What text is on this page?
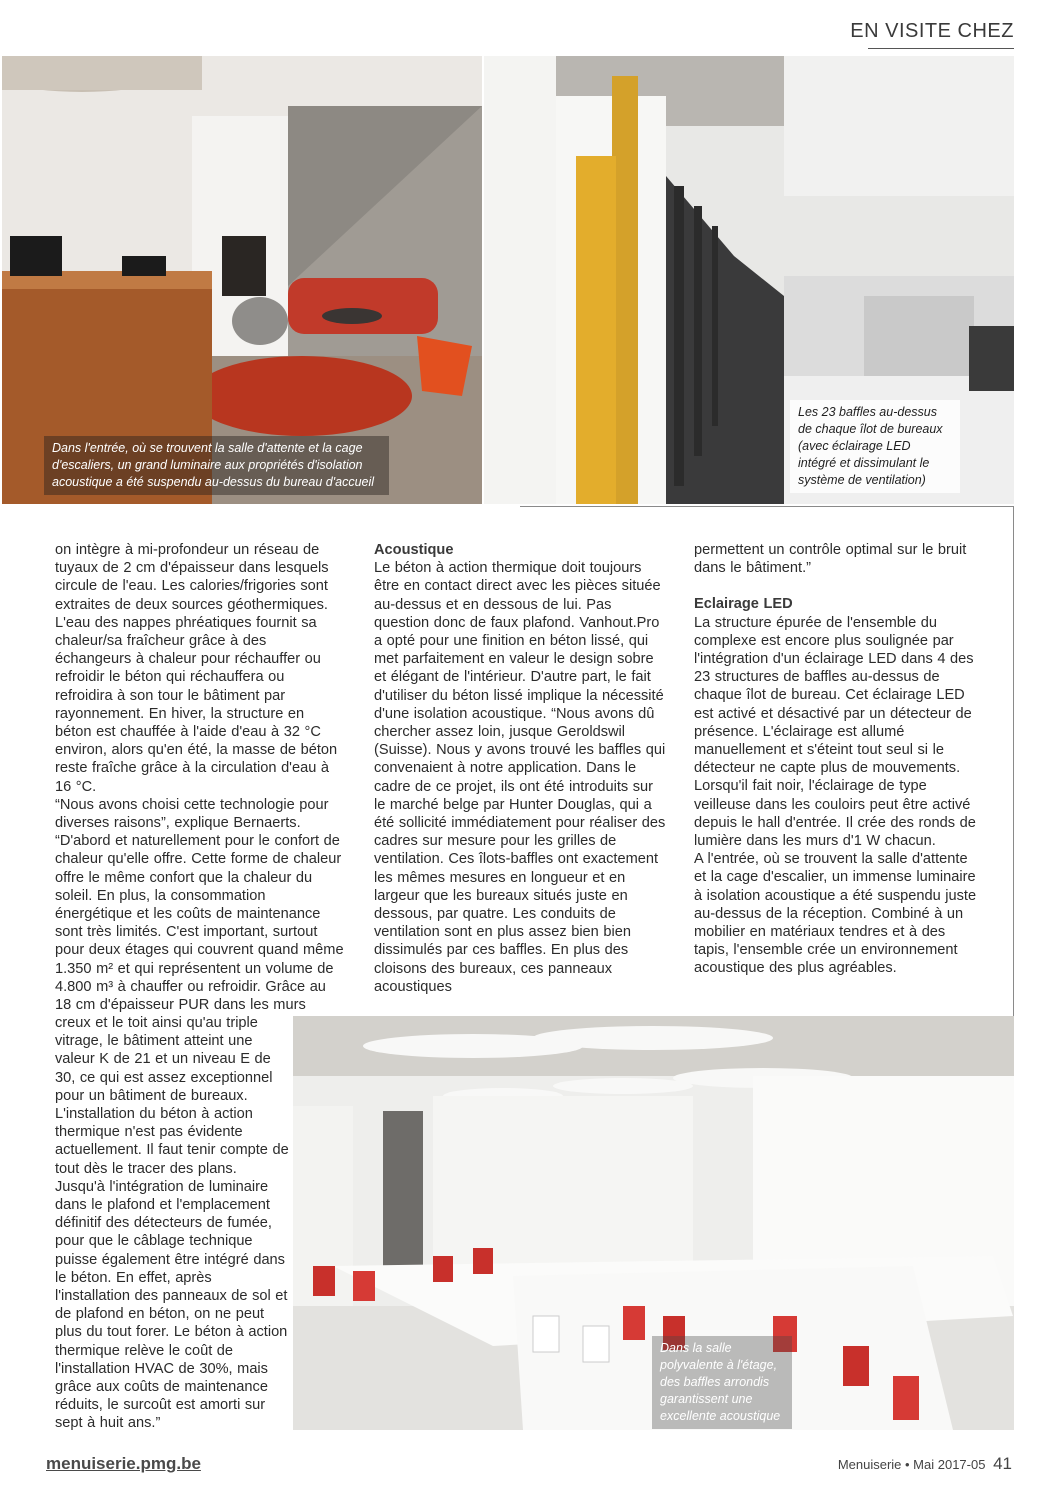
EN VISITE CHEZ
Dans l'entrée, où se trouvent la salle d'attente et la cage d'escaliers, un grand luminaire aux propriétés d'isolation acoustique a été suspendu au-dessus du bureau d'accueil
Les 23 baffles au-dessus de chaque îlot de bureaux (avec éclairage LED intégré et dissimulant le système de ventilation)

on intègre à mi-profondeur un réseau de tuyaux de 2 cm d'épaisseur dans lesquels circule de l'eau. Les calories/frigories sont extraites de deux sources géothermiques. L'eau des nappes phréatiques fournit sa chaleur/sa fraîcheur grâce à des échangeurs à chaleur pour réchauffer ou refroidir le béton qui réchauffera ou refroidira à son tour le bâtiment par rayonnement. En hiver, la structure en béton est chauffée à l'aide d'eau à 32 °C environ, alors qu'en été, la masse de béton reste fraîche grâce à la circulation d'eau à 16 °C.

“Nous avons choisi cette technologie pour diverses raisons”, explique Bernaerts. “D'abord et naturellement pour le confort de chaleur qu'elle offre. Cette forme de chaleur offre le même confort que la chaleur du soleil. En plus, la consommation énergétique et les coûts de maintenance sont très limités. C'est important, surtout pour deux étages qui couvrent quand même 1.350 m² et qui représentent un volume de 4.800 m³ à chauffer ou refroidir. Grâce au 18 cm d'épaisseur PUR dans les murs

creux et le toit ainsi qu'au triple vitrage, le bâtiment atteint une valeur K de 21 et un niveau E de 30, ce qui est assez exceptionnel pour un bâtiment de bureaux. L'installation du béton à action thermique n'est pas évidente actuellement. Il faut tenir compte de tout dès le tracer des plans. Jusqu'à l'intégration de luminaire dans le plafond et l'emplacement définitif des détecteurs de fumée, pour que le câblage technique puisse également être intégré dans le béton. En effet, après l'installation des panneaux de sol et de plafond en béton, on ne peut plus du tout forer. Le béton à action thermique relève le coût de l'installation HVAC de 30%, mais grâce aux coûts de maintenance réduits, le surcoût est amorti sur sept à huit ans.”

Acoustique

Le béton à action thermique doit toujours être en contact direct avec les pièces située au-dessus et en dessous de lui. Pas question donc de faux plafond. Vanhout.Pro a opté pour une finition en béton lissé, qui met parfaitement en valeur le design sobre et élégant de l'intérieur. D'autre part, le fait d'utiliser du béton lissé implique la nécessité d'une isolation acoustique. “Nous avons dû chercher assez loin, jusque Geroldswil (Suisse). Nous y avons trouvé les baffles qui convenaient à notre application. Dans le cadre de ce projet, ils ont été introduits sur le marché belge par Hunter Douglas, qui a été sollicité immédiatement pour réaliser des cadres sur mesure pour les grilles de ventilation. Ces îlots-baffles ont exactement les mêmes mesures en longueur et en largeur que les bureaux situés juste en dessous, par quatre. Les conduits de ventilation sont en plus assez bien bien dissimulés par ces baffles. En plus des cloisons des bureaux, ces panneaux acoustiques

permettent un contrôle optimal sur le bruit dans le bâtiment.”

Eclairage LED

La structure épurée de l'ensemble du complexe est encore plus soulignée par l'intégration d'un éclairage LED dans 4 des 23 structures de baffles au-dessus de chaque îlot de bureau. Cet éclairage LED est activé et désactivé par un détecteur de présence. L'éclairage est allumé manuellement et s'éteint tout seul si le détecteur ne capte plus de mouvements. Lorsqu'il fait noir, l'éclairage de type veilleuse dans les couloirs peut être activé depuis le hall d'entrée. Il crée des ronds de lumière dans les murs d'1 W chacun.

A l'entrée, où se trouvent la salle d'attente et la cage d'escalier, un immense luminaire à isolation acoustique a été suspendu juste au-dessus de la réception. Combiné à un mobilier en matériaux tendres et à des tapis, l'ensemble crée un environnement acoustique des plus agréables.

Dans la salle polyvalente à l'étage, des baffles arrondis garantissent une excellente acoustique
menuiserie.pmg.be	Menuiserie • Mai 2017-05 41
